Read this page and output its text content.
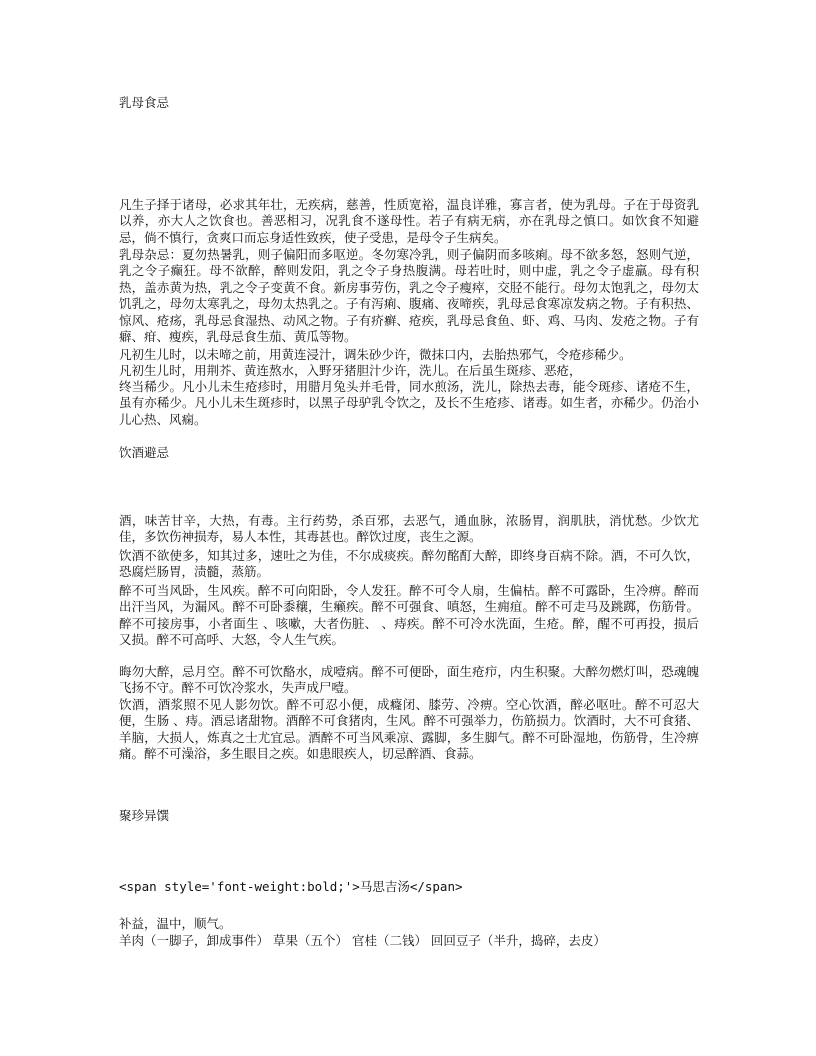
乳母食忌

凡生子择于诸母，必求其年壮，无疾病，慈善，性质宽裕，温良详雅，寡言者，使为乳母。子在于母资乳以养，亦大人之饮食也。善恶相习，况乳食不遂母性。若子有病无病，亦在乳母之慎口。如饮食不知避忌，倘不慎行，贪爽口而忘身适性致疾，使子受患，是母令子生病矣。

乳母杂忌：夏勿热暑乳，则子偏阳而多呕逆。冬勿寒冷乳，则子偏阴而多咳痢。母不欲多怒，怒则气逆，乳之令子癫狂。母不欲醉，醉则发阳，乳之令子身热腹满。母若吐时，则中虚，乳之令子虚羸。母有积热，盖赤黄为热，乳之令子变黄不食。新房事劳伤，乳之令子瘦瘁，交胫不能行。母勿太饱乳之，母勿太饥乳之，母勿太寒乳之，母勿太热乳之。子有泻痢、腹痛、夜啼疾，乳母忌食寒凉发病之物。子有积热、惊风、疮疡，乳母忌食湿热、动风之物。子有疥癣、疮疾，乳母忌食鱼、虾、鸡、马肉、发疮之物。子有癖、疳、瘦疾，乳母忌食生茄、黄瓜等物。

凡初生儿时，以未啼之前，用黄连浸汁，调朱砂少许，微抹口内，去胎热邪气，令疮疹稀少。

凡初生儿时，用荆芥、黄连熬水，入野牙猪胆汁少许，洗儿。在后虽生斑疹、恶疮，

终当稀少。凡小儿未生疮疹时，用腊月兔头并毛骨，同水煎汤，洗儿，除热去毒，能令斑疹、诸疮不生，虽有亦稀少。凡小儿未生斑疹时，以黑子母驴乳令饮之，及长不生疮疹、诸毒。如生者，亦稀少。仍治小儿心热、风痫。

饮酒避忌

酒，味苦甘辛，大热，有毒。主行药势，杀百邪，去恶气，通血脉，浓肠胃，润肌肤，消忧愁。少饮尤佳，多饮伤神损寿，易人本性，其毒甚也。醉饮过度，丧生之源。

饮酒不欲使多，知其过多，速吐之为佳，不尔成痰疾。醉勿酩酊大醉，即终身百病不除。酒，不可久饮，恐腐烂肠胃，渍髓，蒸筋。

醉不可当风卧，生风疾。醉不可向阳卧，令人发狂。醉不可令人扇，生偏枯。醉不可露卧，生冷痹。醉而出汗当风，为漏风。醉不可卧黍穰，生癞疾。醉不可强食、嗔怒，生痈疽。醉不可走马及跳踯，伤筋骨。醉不可接房事，小者面生 、咳嗽，大者伤脏、 、痔疾。醉不可冷水洗面，生疮。醉，醒不可再投，损后又损。醉不可高呼、大怒，令人生气疾。

晦勿大醉，忌月空。醉不可饮酪水，成噎病。醉不可便卧，面生疮疖，内生积聚。大醉勿燃灯叫，恐魂魄飞扬不守。醉不可饮冷浆水，失声成尸噎。

饮酒，酒浆照不见人影勿饮。醉不可忍小便，成癃闭、膝劳、冷痹。空心饮酒，醉必呕吐。醉不可忍大便，生肠 、痔。酒忌诸甜物。酒醉不可食猪肉，生风。醉不可强举力，伤筋损力。饮酒时，大不可食猪、羊脑，大损人，炼真之士尤宜忌。酒醉不可当风乘凉、露脚，多生脚气。醉不可卧湿地，伤筋骨，生冷痹痛。醉不可澡浴，多生眼目之疾。如患眼疾人，切忌醉酒、食蒜。

聚珍异馔
<span style='font-weight:bold;'>马思吉汤</span>
补益，温中，顺气。
羊肉（一脚子，卸成事件） 草果（五个） 官桂（二钱） 回回豆子（半升，捣碎，去皮）
